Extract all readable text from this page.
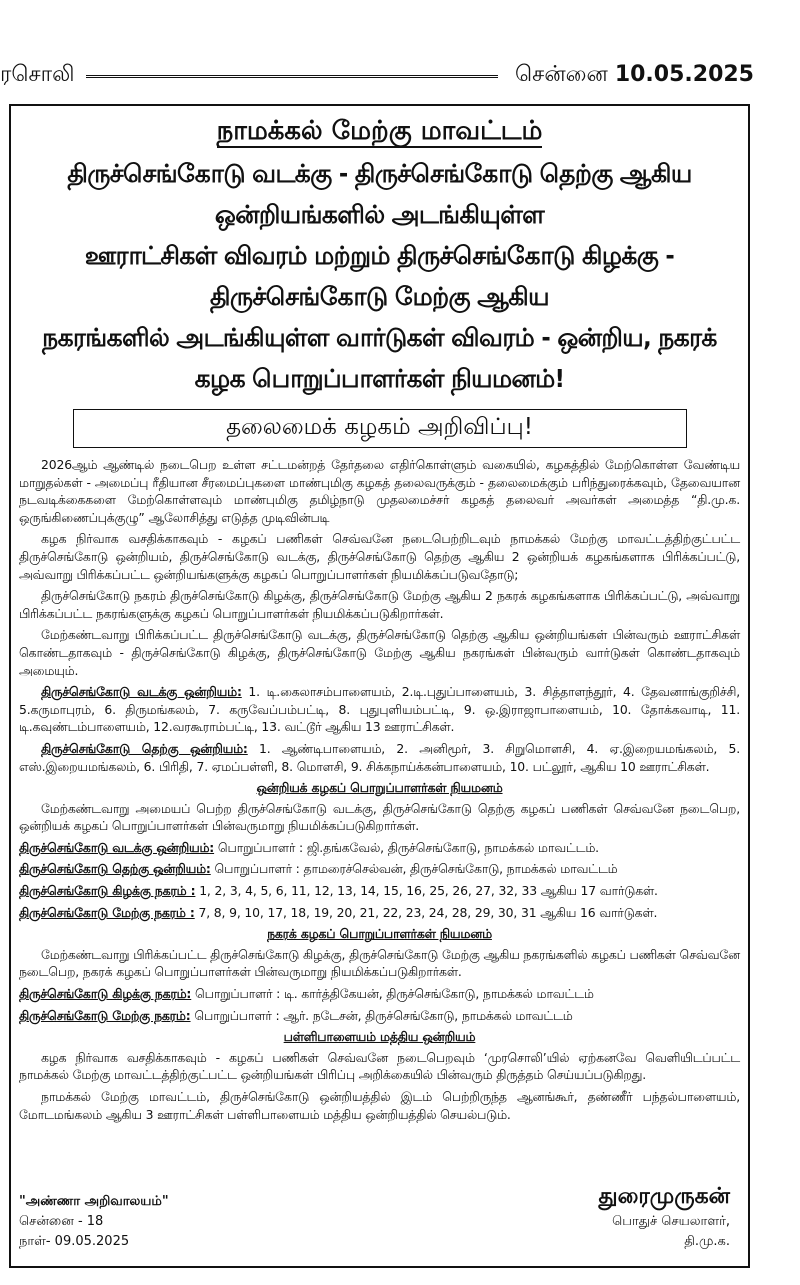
ரசொலி	சென்னை 10.05.2025
நாமக்கல் மேற்கு மாவட்டம்
திருச்செங்கோடு வடக்கு - திருச்செங்கோடு தெற்கு ஆகிய ஒன்றியங்களில் அடங்கியுள்ள
ஊராட்சிகள் விவரம் மற்றும் திருச்செங்கோடு கிழக்கு - திருச்செங்கோடு மேற்கு ஆகிய
நகரங்களில் அடங்கியுள்ள வார்டுகள் விவரம் - ஒன்றிய, நகரக் கழக பொறுப்பாளர்கள் நியமனம்!
தலைமைக் கழகம் அறிவிப்பு!

2026ஆம் ஆண்டில் நடைபெற உள்ள சட்டமன்றத் தேர்தலை எதிர்கொள்ளும் வகையில், கழகத்தில் மேற்கொள்ள வேண்டிய மாறுதல்கள் - அமைப்பு ரீதியான சீரமைப்புகளை மாண்புமிகு கழகத் தலைவருக்கும் - தலைமைக்கும் பரிந்துரைக்கவும், தேவையான நடவடிக்கைகளை மேற்கொள்ளவும் மாண்புமிகு தமிழ்நாடு முதலமைச்சர் கழகத் தலைவர் அவர்கள் அமைத்த “தி.மு.க. ஒருங்கிணைப்புக்குழு” ஆலோசித்து எடுத்த முடிவின்படி

கழக நிர்வாக வசதிக்காகவும் - கழகப் பணிகள் செவ்வனே நடைபெற்றிடவும் நாமக்கல் மேற்கு மாவட்டத்திற்குட்பட்ட திருச்செங்கோடு ஒன்றியம், திருச்செங்கோடு வடக்கு, திருச்செங்கோடு தெற்கு ஆகிய 2 ஒன்றியக் கழகங்களாக பிரிக்கப்பட்டு, அவ்வாறு பிரிக்கப்பட்ட ஒன்றியங்களுக்கு கழகப் பொறுப்பாளர்கள் நியமிக்கப்படுவதோடு;

திருச்செங்கோடு நகரம் திருச்செங்கோடு கிழக்கு, திருச்செங்கோடு மேற்கு ஆகிய 2 நகரக் கழகங்களாக பிரிக்கப்பட்டு, அவ்வாறு பிரிக்கப்பட்ட நகரங்களுக்கு கழகப் பொறுப்பாளர்கள் நியமிக்கப்படுகிறார்கள்.

மேற்கண்டவாறு பிரிக்கப்பட்ட திருச்செங்கோடு வடக்கு, திருச்செங்கோடு தெற்கு ஆகிய ஒன்றியங்கள் பின்வரும் ஊராட்சிகள் கொண்டதாகவும் - திருச்செங்கோடு கிழக்கு, திருச்செங்கோடு மேற்கு ஆகிய நகரங்கள் பின்வரும் வார்டுகள் கொண்டதாகவும் அமையும்.

திருச்செங்கோடு வடக்கு ஒன்றியம்: 1. டி.கைலாசம்பாளையம், 2.டி.புதுப்பாளையம், 3. சித்தாளந்தூர், 4. தேவனாங்குறிச்சி, 5.கருமாபுரம், 6. திருமங்கலம், 7. கருவேப்பம்பட்டி, 8. புதுபுளியம்பட்டி, 9. ஒ.இராஜாபாளையம், 10. தோக்கவாடி, 11. டி.கவுண்டம்பாளையம், 12.வரகூராம்பட்டி, 13. வட்டூர் ஆகிய 13 ஊராட்சிகள்.

திருச்செங்கோடு தெற்கு ஒன்றியம்: 1. ஆண்டிபாளையம், 2. அனிமூர், 3. சிறுமொளசி, 4. ஏ.இறையமங்கலம், 5. எஸ்.இறையமங்கலம், 6. பிரிதி, 7. ஏமப்பள்ளி, 8. மொளசி, 9. சிக்கநாய்க்கன்பாளையம், 10. பட்லூர், ஆகிய 10 ஊராட்சிகள்.

ஒன்றியக் கழகப் பொறுப்பாளர்கள் நியமனம்

மேற்கண்டவாறு அமையப் பெற்ற திருச்செங்கோடு வடக்கு, திருச்செங்கோடு தெற்கு கழகப் பணிகள் செவ்வனே நடைபெற, ஒன்றியக் கழகப் பொறுப்பாளர்கள் பின்வருமாறு நியமிக்கப்படுகிறார்கள்.

திருச்செங்கோடு வடக்கு ஒன்றியம்: பொறுப்பாளர் : ஜி.தங்கவேல், திருச்செங்கோடு, நாமக்கல் மாவட்டம்.

திருச்செங்கோடு தெற்கு ஒன்றியம்: பொறுப்பாளர் : தாமரைச்செல்வன், திருச்செங்கோடு, நாமக்கல் மாவட்டம்

திருச்செங்கோடு கிழக்கு நகரம் : 1, 2, 3, 4, 5, 6, 11, 12, 13, 14, 15, 16, 25, 26, 27, 32, 33 ஆகிய 17 வார்டுகள்.

திருச்செங்கோடு மேற்கு நகரம் : 7, 8, 9, 10, 17, 18, 19, 20, 21, 22, 23, 24, 28, 29, 30, 31 ஆகிய 16 வார்டுகள்.

நகரக் கழகப் பொறுப்பாளர்கள் நியமனம்

மேற்கண்டவாறு பிரிக்கப்பட்ட திருச்செங்கோடு கிழக்கு, திருச்செங்கோடு மேற்கு ஆகிய நகரங்களில் கழகப் பணிகள் செவ்வனே நடைபெற, நகரக் கழகப் பொறுப்பாளர்கள் பின்வருமாறு நியமிக்கப்படுகிறார்கள்.

திருச்செங்கோடு கிழக்கு நகரம்: பொறுப்பாளர் : டி. கார்த்திகேயன், திருச்செங்கோடு, நாமக்கல் மாவட்டம்

திருச்செங்கோடு மேற்கு நகரம்: பொறுப்பாளர் : ஆர். நடேசன், திருச்செங்கோடு, நாமக்கல் மாவட்டம்

பள்ளிபாளையம் மத்திய ஒன்றியம்

கழக நிர்வாக வசதிக்காகவும் - கழகப் பணிகள் செவ்வனே நடைபெறவும் ‘முரசொலி’யில் ஏற்கனவே வெளியிடப்பட்ட நாமக்கல் மேற்கு மாவட்டத்திற்குட்பட்ட ஒன்றியங்கள் பிரிப்பு அறிக்கையில் பின்வரும் திருத்தம் செய்யப்படுகிறது.

நாமக்கல் மேற்கு மாவட்டம், திருச்செங்கோடு ஒன்றியத்தில் இடம் பெற்றிருந்த ஆனங்கூர், தண்ணீர் பந்தல்பாளையம், மோடமங்கலம் ஆகிய 3 ஊராட்சிகள் பள்ளிபாளையம் மத்திய ஒன்றியத்தில் செயல்படும்.

"அண்ணா அறிவாலயம்"
சென்னை - 18
நாள்- 09.05.2025
துரைமுருகன்
பொதுச் செயலாளர்,
தி.மு.க.
